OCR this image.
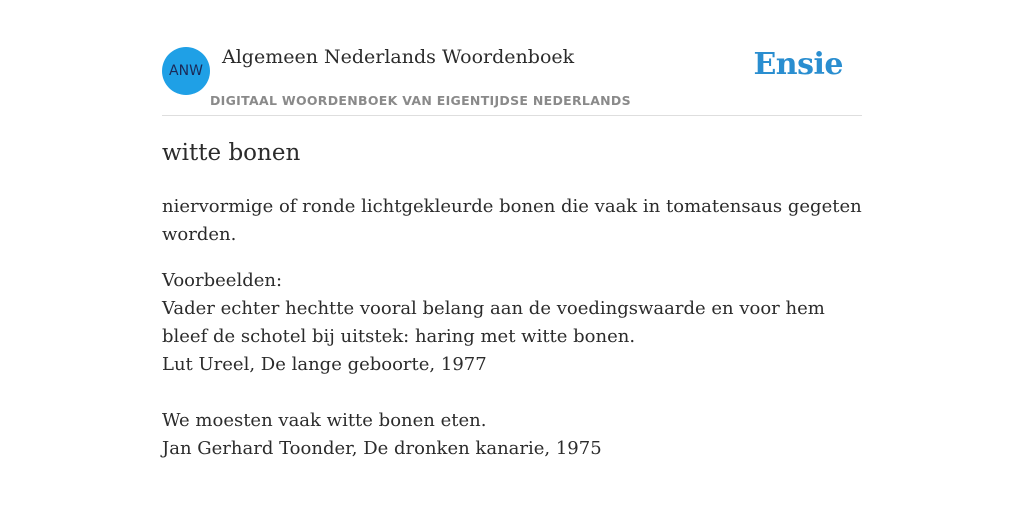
ANW
Algemeen Nederlands Woordenboek
DIGITAAL WOORDENBOEK VAN EIGENTIJDSE NEDERLANDS
Ensie
witte bonen

niervormige of ronde lichtgekleurde bonen die vaak in tomatensaus gegeten worden.

Voorbeelden:
Vader echter hechtte vooral belang aan de voedingswaarde en voor hem bleef de schotel bij uitstek: haring met witte bonen.
Lut Ureel, De lange geboorte, 1977
We moesten vaak witte bonen eten.
Jan Gerhard Toonder, De dronken kanarie, 1975
